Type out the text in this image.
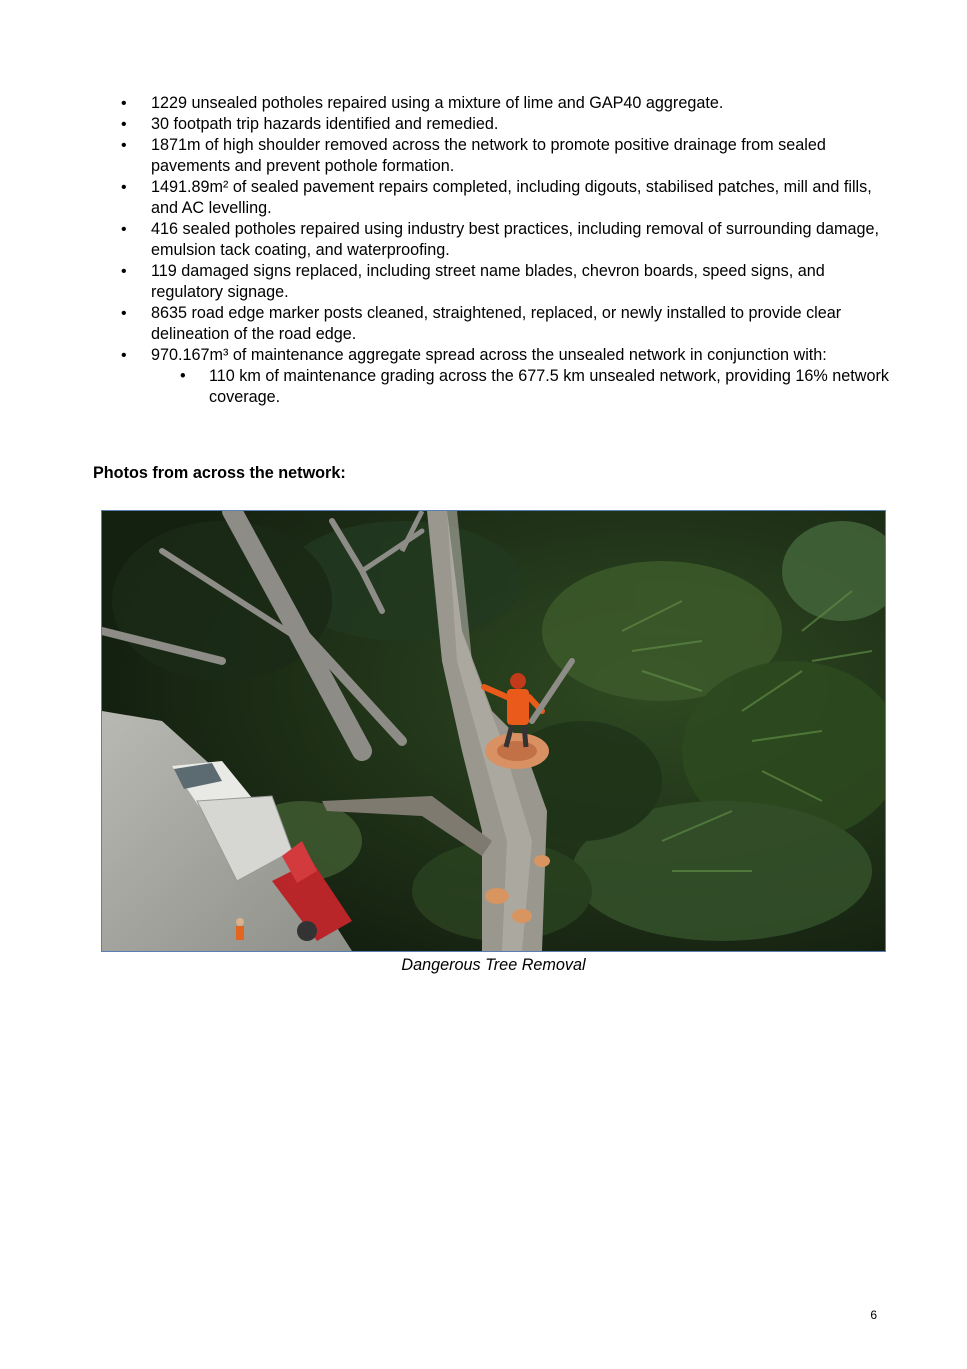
• 1229 unsealed potholes repaired using a mixture of lime and GAP40 aggregate.
• 30 footpath trip hazards identified and remedied.
• 1871m of high shoulder removed across the network to promote positive drainage from sealed pavements and prevent pothole formation.
• 1491.89m² of sealed pavement repairs completed, including digouts, stabilised patches, mill and fills, and AC levelling.
• 416 sealed potholes repaired using industry best practices, including removal of surrounding damage, emulsion tack coating, and waterproofing.
• 119 damaged signs replaced, including street name blades, chevron boards, speed signs, and regulatory signage.
• 8635 road edge marker posts cleaned, straightened, replaced, or newly installed to provide clear delineation of the road edge.
• 970.167m³ of maintenance aggregate spread across the unsealed network in conjunction with:
• 110 km of maintenance grading across the 677.5 km unsealed network, providing 16% network coverage.
Photos from across the network:
Dangerous Tree Removal
6
